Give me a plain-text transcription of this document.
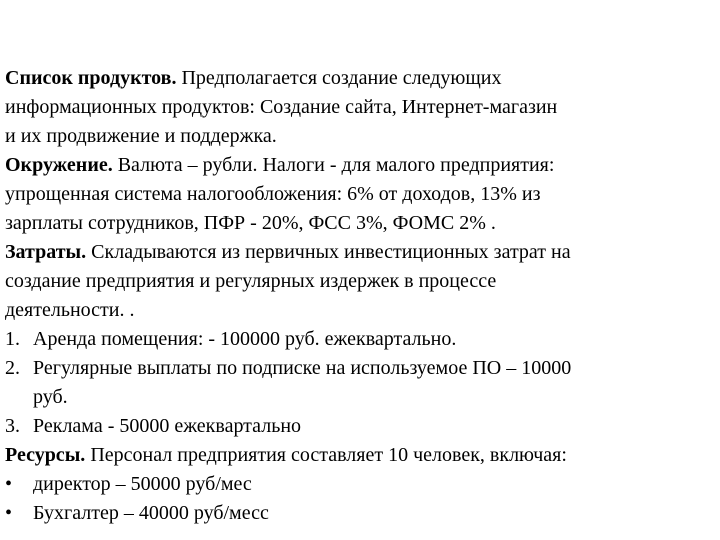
Список продуктов. Предполагается создание следующих
информационных продуктов: Создание сайта, Интернет-магазин
и их продвижение и поддержка.

Окружение. Валюта – рубли. Налоги - для малого предприятия:
упрощенная система налогообложения: 6% от доходов, 13% из
зарплаты сотрудников, ПФР - 20%, ФСС 3%, ФОМС 2% .

Затраты. Складываются из первичных инвестиционных затрат на
создание предприятия и регулярных издержек в процессе
деятельности. .

1. Аренда помещения: - 100000 руб. ежеквартально.
2. Регулярные выплаты по подписке на используемое ПО – 10000
руб.
3. Реклама - 50000 ежеквартально

Ресурсы. Персонал предприятия составляет 10 человек, включая:

• директор – 50000 руб/мес
• Бухгалтер – 40000 руб/месс
